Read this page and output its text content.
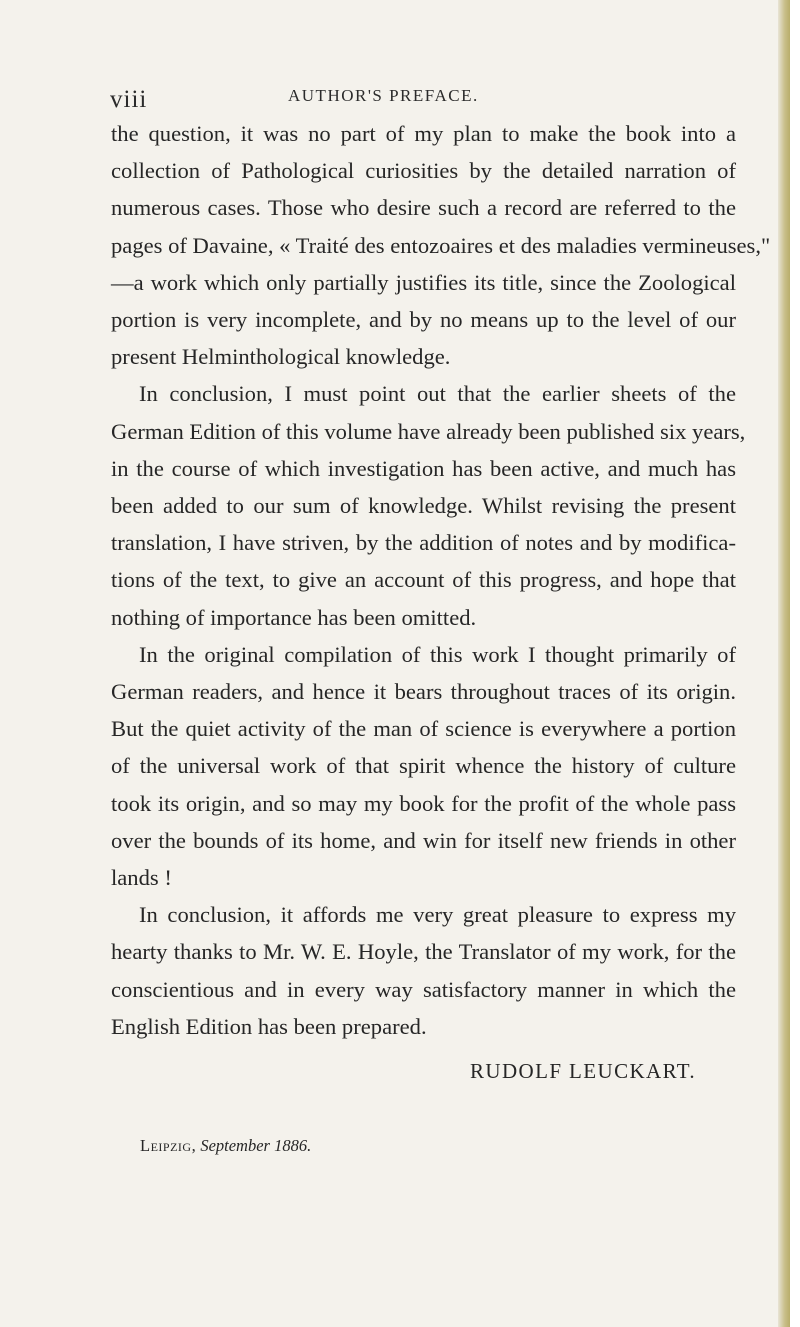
viii	AUTHOR'S PREFACE.
the question, it was no part of my plan to make the book into a
collection of Pathological curiosities by the detailed narration of
numerous cases. Those who desire such a record are referred to the
pages of Davaine, « Traité des entozoaires et des maladies vermineuses,"
—a work which only partially justifies its title, since the Zoological
portion is very incomplete, and by no means up to the level of our
present Helminthological knowledge.
In conclusion, I must point out that the earlier sheets of the
German Edition of this volume have already been published six years,
in the course of which investigation has been active, and much has
been added to our sum of knowledge. Whilst revising the present
translation, I have striven, by the addition of notes and by modifica-
tions of the text, to give an account of this progress, and hope that
nothing of importance has been omitted.
In the original compilation of this work I thought primarily of
German readers, and hence it bears throughout traces of its origin.
But the quiet activity of the man of science is everywhere a portion
of the universal work of that spirit whence the history of culture
took its origin, and so may my book for the profit of the whole pass
over the bounds of its home, and win for itself new friends in other
lands !
In conclusion, it affords me very great pleasure to express my
hearty thanks to Mr. W. E. Hoyle, the Translator of my work, for the
conscientious and in every way satisfactory manner in which the
English Edition has been prepared.
RUDOLF LEUCKART.
Leipzig, September 1886.
